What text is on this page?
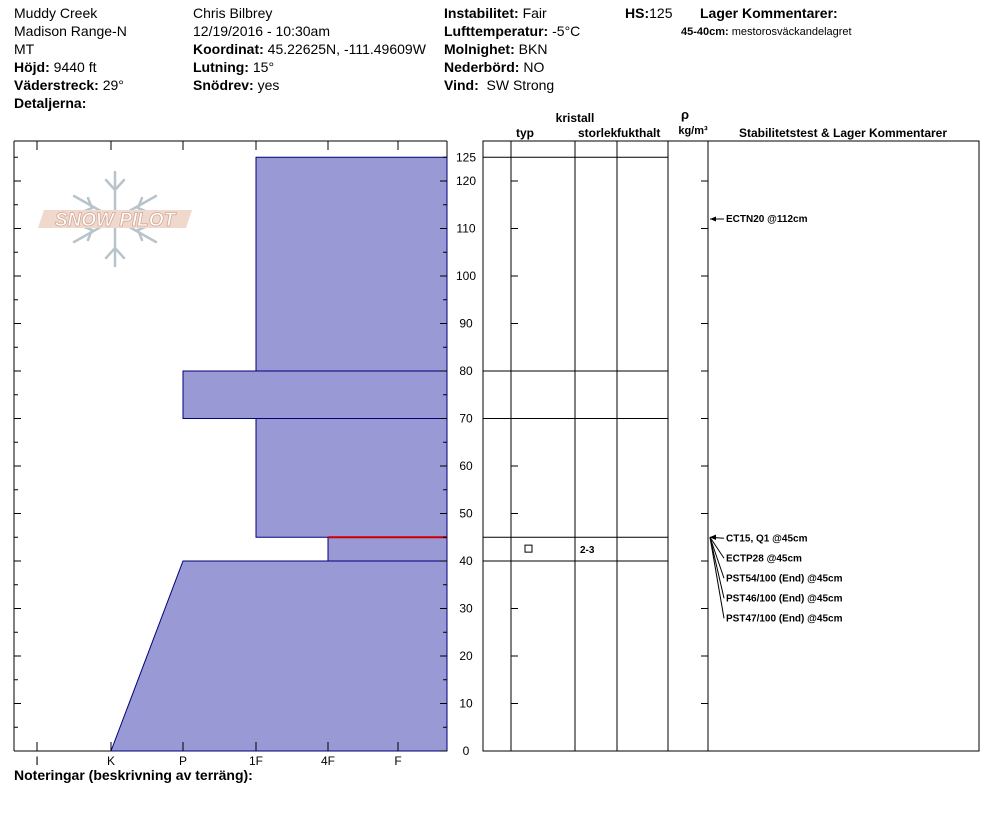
Muddy Creek
Madison Range-N
MT
Höjd: 9440 ft
Väderstreck: 29°
Detaljerna:
Chris Bilbrey
12/19/2016 - 10:30am
Koordinat: 45.22625N, -111.49609W
Lutning: 15°
Snödrev: yes
Instabilitet: Fair
Lufttemperatur: -5°C
Molnighet: BKN
Nederbörd: NO
Vind: SW Strong
HS:125 Lager Kommentarer:
45-40cm: mestorosväckandelagret
Noteringar (beskrivning av terräng):
SNOW PILOT
I	K	P	1F	4F	F
0
10
20
30
40
50
60
70
80
90
100
110
120
125
kristall
typ	storlek fukthalt
ρ
kg/m³	Stabilitetstest & Lager Kommentarer
2-3
ECTN20 @112cm
CT15, Q1 @45cm
ECTP28 @45cm
PST54/100 (End) @45cm
PST46/100 (End) @45cm
PST47/100 (End) @45cm
